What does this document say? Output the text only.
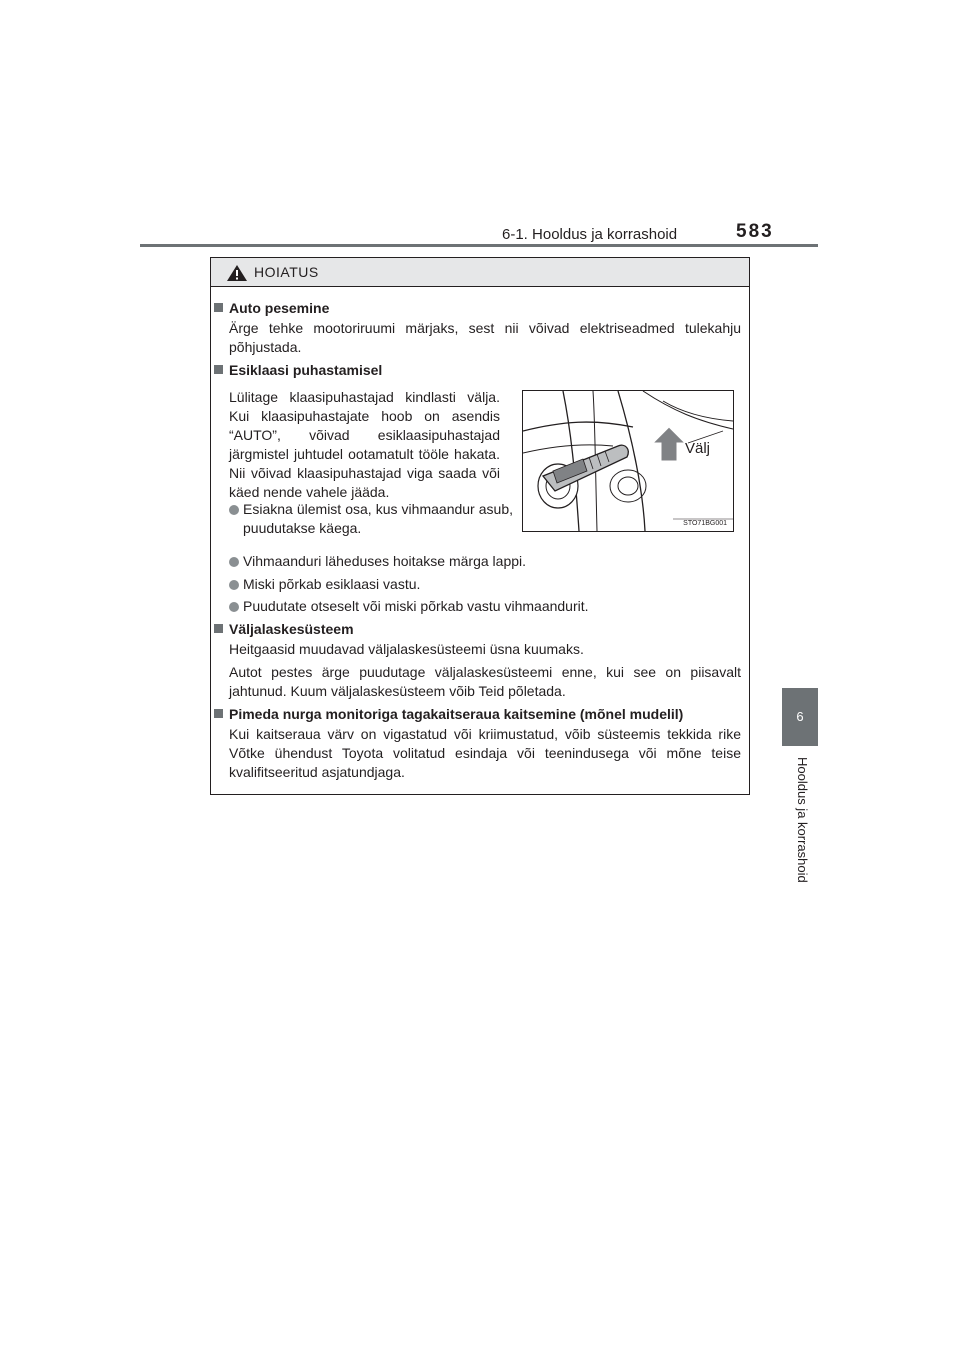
6-1. Hooldus ja korrashoid	583
6
Hooldus ja korrashoid
HOIATUS
Auto pesemine
Ärge tehke mootoriruumi märjaks, sest nii võivad elektriseadmed tulekahju põhjustada.
Esiklaasi puhastamisel
Lülitage klaasipuhastajad kindlasti välja. Kui klaasipuhastajate hoob on asendis “AUTO”, võivad esiklaasipuhastajad järgmistel juhtudel ootamatult tööle hakata. Nii võivad klaasipuhastajad viga saada või käed nende vahele jääda.
Esiakna ülemist osa, kus vihmaandur asub, puudutakse käega.
Vihmaanduri läheduses hoitakse märga lappi.
Miski põrkab esiklaasi vastu.
Puudutate otseselt või miski põrkab vastu vihmaandurit.
Väljalaskesüsteem
Heitgaasid muudavad väljalaskesüsteemi üsna kuumaks.
Autot pestes ärge puudutage väljalaskesüsteemi enne, kui see on piisavalt jahtunud. Kuum väljalaskesüsteem võib Teid põletada.
Pimeda nurga monitoriga tagakaitseraua kaitsemine (mõnel mudelil)
Kui kaitseraua värv on vigastatud või kriimustatud, võib süsteemis tekkida rike Võtke ühendust Toyota volitatud esindaja või teenindusega või mõne teise kvalifitseeritud asjatundjaga.
Välj
STO71BG001
